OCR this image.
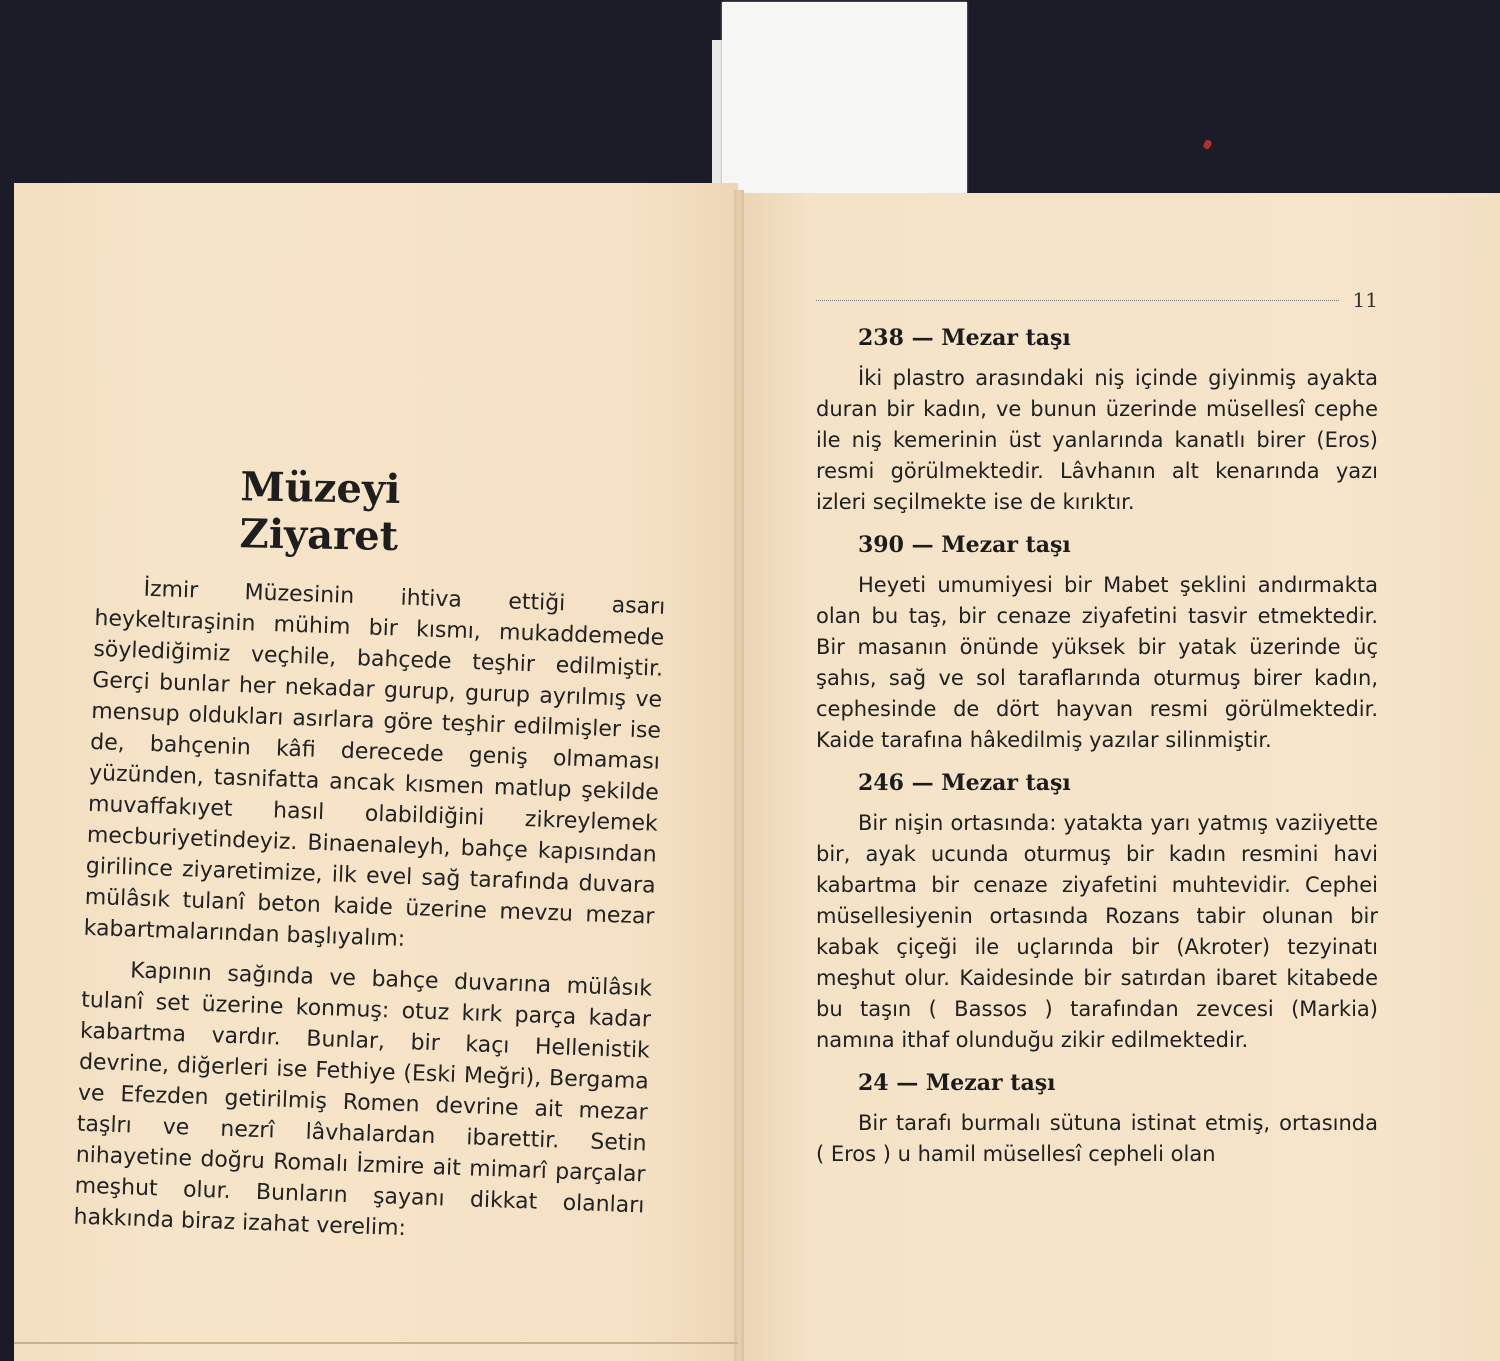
Müzeyi Ziyaret

İzmir Müzesinin ihtiva ettiği asarı heykeltıraşinin mühim bir kısmı, mukaddemede söylediğimiz veçhile, bahçede teşhir edilmiştir. Gerçi bunlar her nekadar gurup, gurup ayrılmış ve mensup oldukları asırlara göre teşhir edilmişler ise de, bahçenin kâfi derecede geniş olmaması yüzünden, tasnifatta ancak kısmen matlup şekilde muvaffakıyet hasıl olabildiğini zikreylemek mecburiyetindeyiz. Binaenaleyh, bahçe kapısından girilince ziyaretimize, ilk evel sağ tarafında duvara mülâsık tulanî beton kaide üzerine mevzu mezar kabartmalarından başlıyalım:

Kapının sağında ve bahçe duvarına mülâsık tulanî set üzerine konmuş: otuz kırk parça kadar kabartma vardır. Bunlar, bir kaçı Hellenistik devrine, diğerleri ise Fethiye (Eski Meğri), Bergama ve Efezden getirilmiş Romen devrine ait mezar taşlrı ve nezrî lâvhalardan ibarettir. Setin nihayetine doğru Romalı İzmire ait mimarî parçalar meşhut olur. Bunların şayanı dikkat olanları hakkında biraz izahat verelim:

11
238 — Mezar taşı

İki plastro arasındaki niş içinde giyinmiş ayakta duran bir kadın, ve bunun üzerinde müsellesî cephe ile niş kemerinin üst yanlarında kanatlı birer (Eros) resmi görülmektedir. Lâvhanın alt kenarında yazı izleri seçilmekte ise de kırıktır.

390 — Mezar taşı

Heyeti umumiyesi bir Mabet şeklini andırmakta olan bu taş, bir cenaze ziyafetini tasvir etmektedir. Bir masanın önünde yüksek bir yatak üzerinde üç şahıs, sağ ve sol taraflarında oturmuş birer kadın, cephesinde de dört hayvan resmi görülmektedir. Kaide tarafına hâkedilmiş yazılar silinmiştir.

246 — Mezar taşı

Bir nişin ortasında: yatakta yarı yatmış vaziiyette bir, ayak ucunda oturmuş bir kadın resmini havi kabartma bir cenaze ziyafetini muhtevidir. Cephei müsellesiyenin ortasında Rozans tabir olunan bir kabak çiçeği ile uçlarında bir (Akroter) tezyinatı meşhut olur. Kaidesinde bir satırdan ibaret kitabede bu taşın ( Bassos ) tarafından zevcesi (Markia) namına ithaf olunduğu zikir edilmektedir.

24 — Mezar taşı

Bir tarafı burmalı sütuna istinat etmiş, ortasında ( Eros ) u hamil müsellesî cepheli olan
